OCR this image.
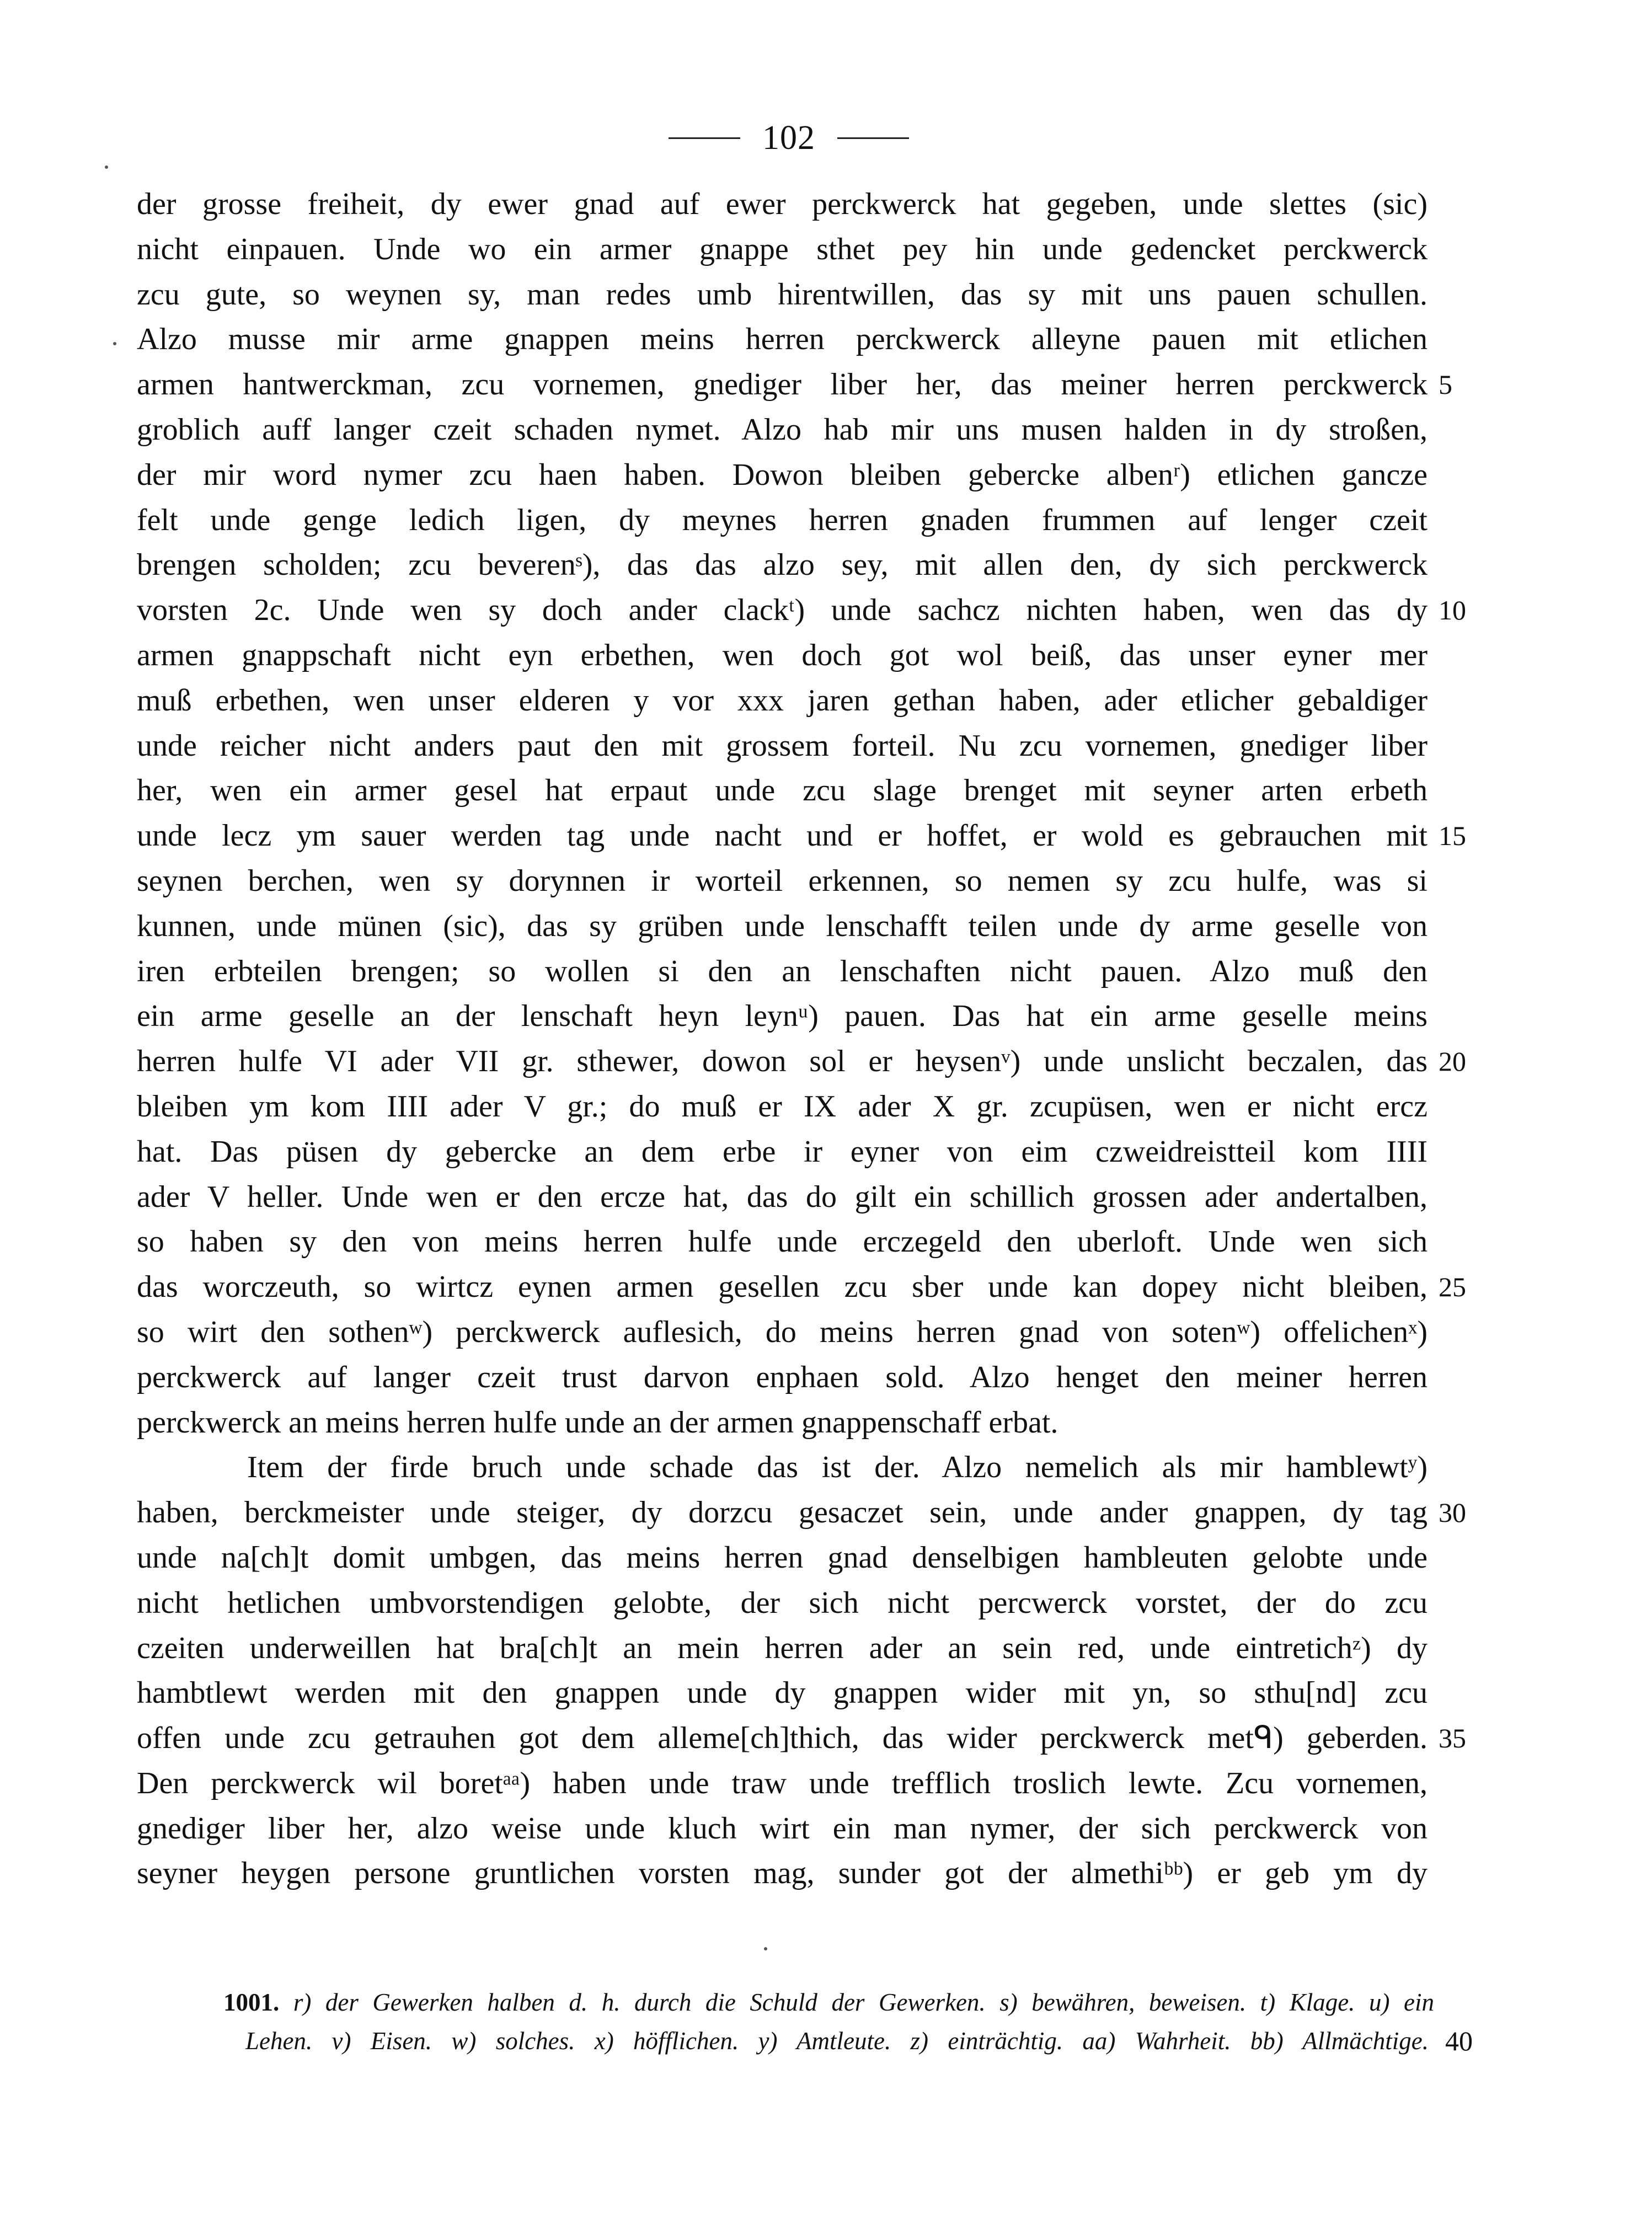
102
der grosse freiheit, dy ewer gnad auf ewer perckwerck hat gegeben, unde slettes (sic)
nicht einpauen. Unde wo ein armer gnappe sthet pey hin unde gedencket perckwerck
zcu gute, so weynen sy, man redes umb hirentwillen, das sy mit uns pauen schullen.
Alzo musse mir arme gnappen meins herren perckwerck alleyne pauen mit etlichen
armen hantwerckman, zcu vornemen, gnediger liber her, das meiner herren perckwerck 5
groblich auff langer czeit schaden nymet. Alzo hab mir uns musen halden in dy stroßen,
der mir word nymer zcu haen haben. Dowon bleiben gebercke albenʳ) etlichen gancze
felt unde genge ledich ligen, dy meynes herren gnaden frummen auf lenger czeit
brengen scholden; zcu beverenˢ), das das alzo sey, mit allen den, dy sich perckwerck
vorsten 2c. Unde wen sy doch ander clackᵗ) unde sachcz nichten haben, wen das dy 10
armen gnappschaft nicht eyn erbethen, wen doch got wol beiß, das unser eyner mer
muß erbethen, wen unser elderen y vor xxx jaren gethan haben, ader etlicher gebaldiger
unde reicher nicht anders paut den mit grossem forteil. Nu zcu vornemen, gnediger liber
her, wen ein armer gesel hat erpaut unde zcu slage brenget mit seyner arten erbeth
unde lecz ym sauer werden tag unde nacht und er hoffet, er wold es gebrauchen mit 15
seynen berchen, wen sy dorynnen ir worteil erkennen, so nemen sy zcu hulfe, was si
kunnen, unde münen (sic), das sy grüben unde lenschafft teilen unde dy arme geselle von
iren erbteilen brengen; so wollen si den an lenschaften nicht pauen. Alzo muß den
ein arme geselle an der lenschaft heyn leynᵘ) pauen. Das hat ein arme geselle meins
herren hulfe VI ader VII gr. sthewer, dowon sol er heysenᵛ) unde unslicht beczalen, das 20
bleiben ym kom IIII ader V gr.; do muß er IX ader X gr. zcupüsen, wen er nicht ercz
hat. Das püsen dy gebercke an dem erbe ir eyner von eim czweidreistteil kom IIII
ader V heller. Unde wen er den ercze hat, das do gilt ein schillich grossen ader andertalben,
so haben sy den von meins herren hulfe unde erczegeld den uberloft. Unde wen sich
das worczeuth, so wirtcz eynen armen gesellen zcu sber unde kan dopey nicht bleiben, 25
so wirt den sothenʷ) perckwerck auflesich, do meins herren gnad von sotenʷ) offelichenˣ)
perckwerck auf langer czeit trust darvon enphaen sold. Alzo henget den meiner herren
perckwerck an meins herren hulfe unde an der armen gnappenschaff erbat.
Item der firde bruch unde schade das ist der. Alzo nemelich als mir hamblewtʸ)
haben, berckmeister unde steiger, dy dorzcu gesaczet sein, unde ander gnappen, dy tag 30
unde na[ch]t domit umbgen, das meins herren gnad denselbigen hambleuten gelobte unde
nicht hetlichen umbvorstendigen gelobte, der sich nicht percwerck vorstet, der do zcu
czeiten underweillen hat bra[ch]t an mein herren ader an sein red, unde eintretichᶻ) dy
hambtlewt werden mit den gnappen unde dy gnappen wider mit yn, so sthu[nd] zcu
offen unde zcu getrauhen got dem alleme[ch]thich, das wider perckwerck metᑫ) geberden. 35
Den perckwerck wil boretᵃᵃ) haben unde traw unde trefflich troslich lewte. Zcu vornemen,
gnediger liber her, alzo weise unde kluch wirt ein man nymer, der sich perckwerck von
seyner heygen persone gruntlichen vorsten mag, sunder got der almethiᵇᵇ) er geb ym dy
1001. r) der Gewerken halben d. h. durch die Schuld der Gewerken. s) bewähren, beweisen. t) Klage. u) ein
Lehen. v) Eisen. w) solches. x) höfflichen. y) Amtleute. z) einträchtig. aa) Wahrheit. bb) Allmächtige. 40
